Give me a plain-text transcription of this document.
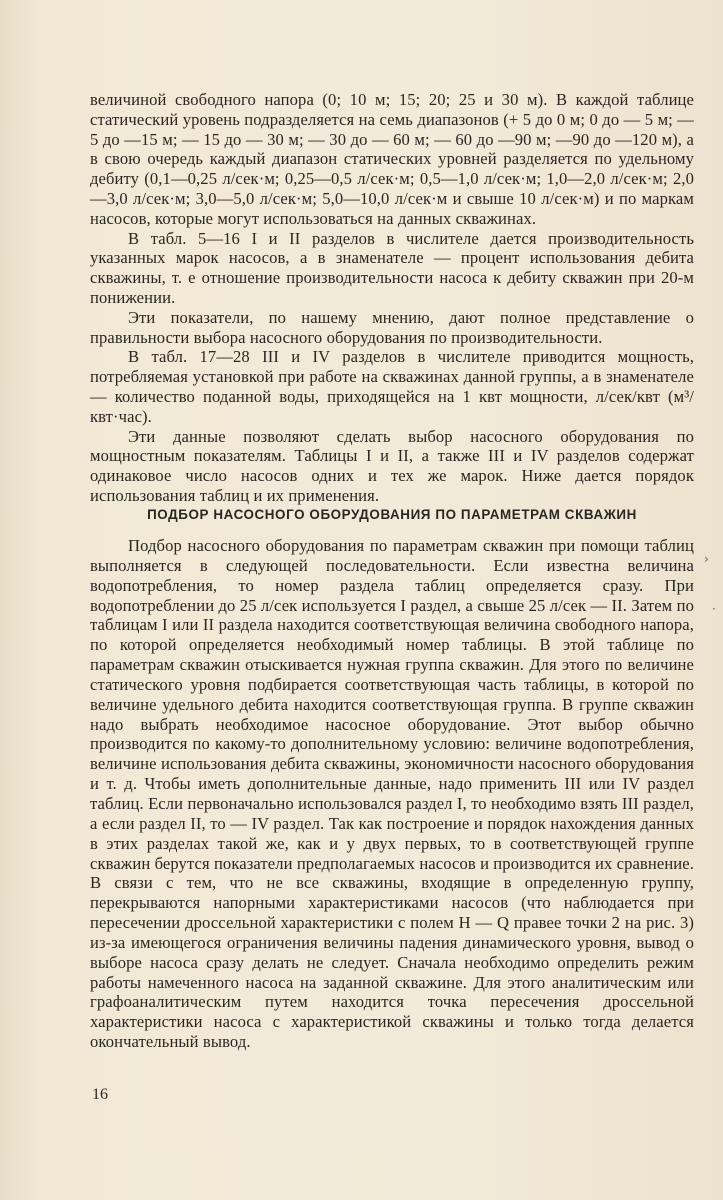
величиной свободного напора (0; 10 м; 15; 20; 25 и 30 м). В каждой таблице статический уровень подразделяется на семь диапазонов (+ 5 до 0 м; 0 до — 5 м; —5 до —15 м; — 15 до — 30 м; — 30 до — 60 м; — 60 до —90 м; —90 до —120 м), а в свою очередь каждый диапазон статических уровней разделяется по удельному дебиту (0,1—0,25 л/сек·м; 0,25—0,5 л/сек·м; 0,5—1,0 л/сек·м; 1,0—2,0 л/сек·м; 2,0—3,0 л/сек·м; 3,0—5,0 л/сек·м; 5,0—10,0 л/сек·м и свыше 10 л/сек·м) и по маркам насосов, которые могут использоваться на данных скважинах.

В табл. 5—16 I и II разделов в числителе дается производительность указанных марок насосов, а в знаменателе — процент использования дебита скважины, т. е отношение производительности насоса к дебиту скважин при 20-м понижении.

Эти показатели, по нашему мнению, дают полное представление о правильности выбора насосного оборудования по производительности.

В табл. 17—28 III и IV разделов в числителе приводится мощность, потребляемая установкой при работе на скважинах данной группы, а в знаменателе — количество поданной воды, приходящейся на 1 квт мощности, л/сек/квт (м³/квт·час).

Эти данные позволяют сделать выбор насосного оборудования по мощностным показателям. Таблицы I и II, а также III и IV разделов содержат одинаковое число насосов одних и тех же марок. Ниже дается порядок использования таблиц и их применения.

ПОДБОР НАСОСНОГО ОБОРУДОВАНИЯ ПО ПАРАМЕТРАМ СКВАЖИН

Подбор насосного оборудования по параметрам скважин при помощи таблиц выполняется в следующей последовательности. Если известна величина водопотребления, то номер раздела таблиц определяется сразу. При водопотреблении до 25 л/сек используется I раздел, а свыше 25 л/сек — II. Затем по таблицам I или II раздела находится соответствующая величина свободного напора, по которой определяется необходимый номер таблицы. В этой таблице по параметрам скважин отыскивается нужная группа скважин. Для этого по величине статического уровня подбирается соответствующая часть таблицы, в которой по величине удельного дебита находится соответствующая группа. В группе скважин надо выбрать необходимое насосное оборудование. Этот выбор обычно производится по какому-то дополнительному условию: величине водопотребления, величине использования дебита скважины, экономичности насосного оборудования и т. д. Чтобы иметь дополнительные данные, надо применить III или IV раздел таблиц. Если первоначально использовался раздел I, то необходимо взять III раздел, а если раздел II, то — IV раздел. Так как построение и порядок нахождения данных в этих разделах такой же, как и у двух первых, то в соответствующей группе скважин берутся показатели предполагаемых насосов и производится их сравнение. В связи с тем, что не все скважины, входящие в определенную группу, перекрываются напорными характеристиками насосов (что наблюдается при пересечении дроссельной характеристики с полем H — Q правее точки 2 на рис. 3) из-за имеющегося ограничения величины падения динамического уровня, вывод о выборе насоса сразу делать не следует. Сначала необходимо определить режим работы намеченного насоса на заданной скважине. Для этого аналитическим или графоаналитическим путем находится точка пересечения дроссельной характеристики насоса с характеристикой скважины и только тогда делается окончательный вывод.

16
›
·
